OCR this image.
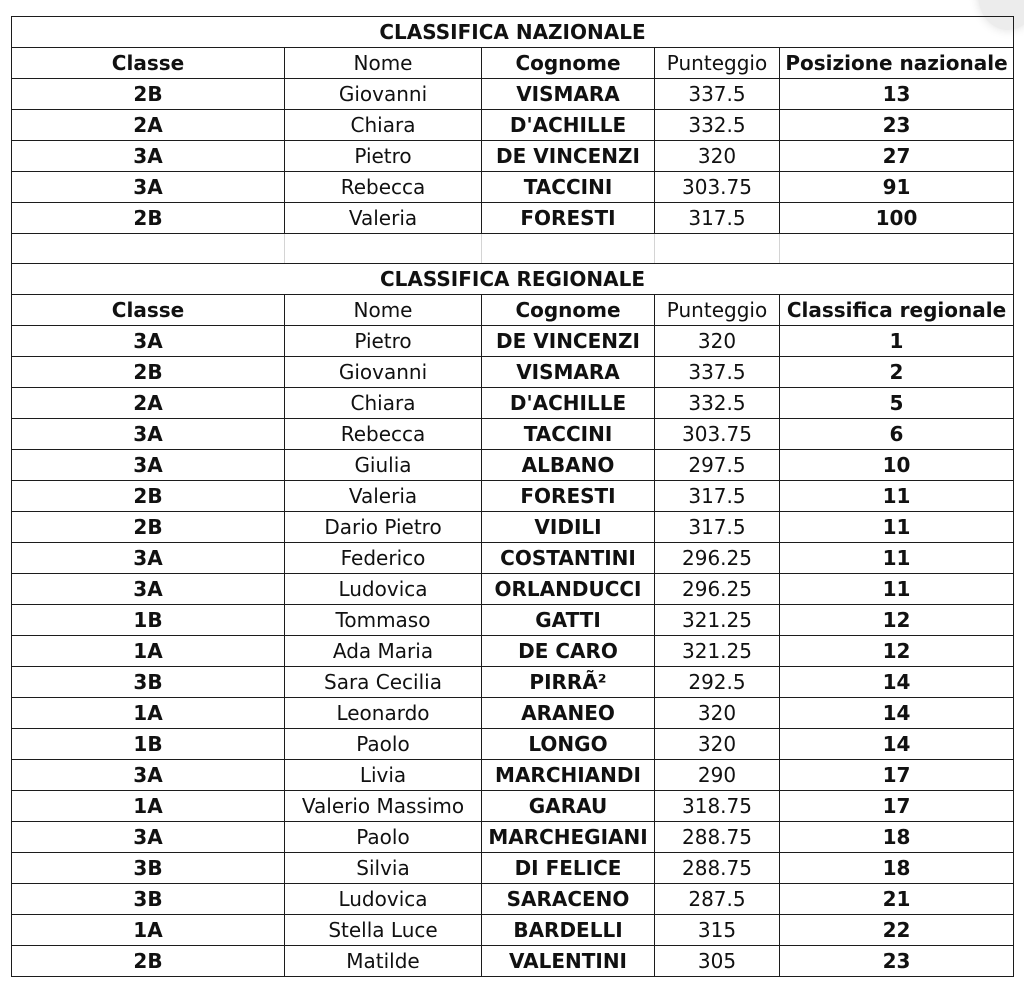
CLASSIFICA NAZIONALE				
Classe	Nome	Cognome	Punteggio	Posizione nazionale
2B	Giovanni	VISMARA	337.5	13
2A	Chiara	D'ACHILLE	332.5	23
3A	Pietro	DE VINCENZI	320	27
3A	Rebecca	TACCINI	303.75	91
2B	Valeria	FORESTI	317.5	100

CLASSIFICA REGIONALE				
Classe	Nome	Cognome	Punteggio	Classifica regionale
3A	Pietro	DE VINCENZI	320	1
2B	Giovanni	VISMARA	337.5	2
2A	Chiara	D'ACHILLE	332.5	5
3A	Rebecca	TACCINI	303.75	6
3A	Giulia	ALBANO	297.5	10
2B	Valeria	FORESTI	317.5	11
2B	Dario Pietro	VIDILI	317.5	11
3A	Federico	COSTANTINI	296.25	11
3A	Ludovica	ORLANDUCCI	296.25	11
1B	Tommaso	GATTI	321.25	12
1A	Ada Maria	DE CARO	321.25	12
3B	Sara Cecilia	PIRRÃ²	292.5	14
1A	Leonardo	ARANEO	320	14
1B	Paolo	LONGO	320	14
3A	Livia	MARCHIANDI	290	17
1A	Valerio Massimo	GARAU	318.75	17
3A	Paolo	MARCHEGIANI	288.75	18
3B	Silvia	DI FELICE	288.75	18
3B	Ludovica	SARACENO	287.5	21
1A	Stella Luce	BARDELLI	315	22
2B	Matilde	VALENTINI	305	23
